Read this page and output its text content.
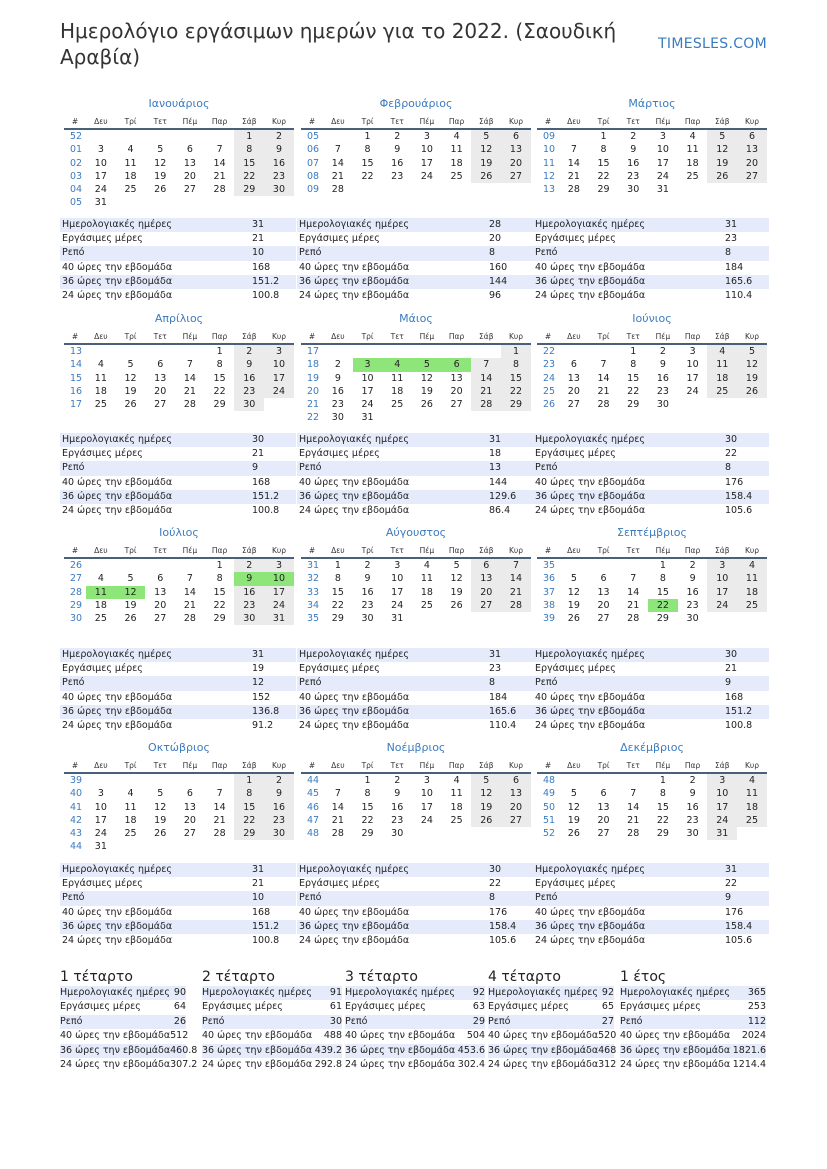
Ημερολόγιο εργάσιμων ημερών για το 2022. (Σαουδική Αραβία)
TIMESLES.COM
Ιανουάριος
#	Δευ	Τρί	Τετ	Πέμ	Παρ	Σάβ	Κυρ
52						1	2
01	3	4	5	6	7	8	9
02	10	11	12	13	14	15	16
03	17	18	19	20	21	22	23
04	24	25	26	27	28	29	30
05	31						
Ημερολογιακές ημέρες	31
Εργάσιμες μέρες	21
Ρεπό	10
40 ώρες την εβδομάδα	168
36 ώρες την εβδομάδα	151.2
24 ώρες την εβδομάδα	100.8
Φεβρουάριος
#	Δευ	Τρί	Τετ	Πέμ	Παρ	Σάβ	Κυρ
05		1	2	3	4	5	6
06	7	8	9	10	11	12	13
07	14	15	16	17	18	19	20
08	21	22	23	24	25	26	27
09	28						
Ημερολογιακές ημέρες	28
Εργάσιμες μέρες	20
Ρεπό	8
40 ώρες την εβδομάδα	160
36 ώρες την εβδομάδα	144
24 ώρες την εβδομάδα	96
Μάρτιος
#	Δευ	Τρί	Τετ	Πέμ	Παρ	Σάβ	Κυρ
09		1	2	3	4	5	6
10	7	8	9	10	11	12	13
11	14	15	16	17	18	19	20
12	21	22	23	24	25	26	27
13	28	29	30	31			
Ημερολογιακές ημέρες	31
Εργάσιμες μέρες	23
Ρεπό	8
40 ώρες την εβδομάδα	184
36 ώρες την εβδομάδα	165.6
24 ώρες την εβδομάδα	110.4
Απρίλιος
#	Δευ	Τρί	Τετ	Πέμ	Παρ	Σάβ	Κυρ
13					1	2	3
14	4	5	6	7	8	9	10
15	11	12	13	14	15	16	17
16	18	19	20	21	22	23	24
17	25	26	27	28	29	30	
Ημερολογιακές ημέρες	30
Εργάσιμες μέρες	21
Ρεπό	9
40 ώρες την εβδομάδα	168
36 ώρες την εβδομάδα	151.2
24 ώρες την εβδομάδα	100.8
Μάιος
#	Δευ	Τρί	Τετ	Πέμ	Παρ	Σάβ	Κυρ
17							1
18	2	3	4	5	6	7	8
19	9	10	11	12	13	14	15
20	16	17	18	19	20	21	22
21	23	24	25	26	27	28	29
22	30	31					
Ημερολογιακές ημέρες	31
Εργάσιμες μέρες	18
Ρεπό	13
40 ώρες την εβδομάδα	144
36 ώρες την εβδομάδα	129.6
24 ώρες την εβδομάδα	86.4
Ιούνιος
#	Δευ	Τρί	Τετ	Πέμ	Παρ	Σάβ	Κυρ
22			1	2	3	4	5
23	6	7	8	9	10	11	12
24	13	14	15	16	17	18	19
25	20	21	22	23	24	25	26
26	27	28	29	30			
Ημερολογιακές ημέρες	30
Εργάσιμες μέρες	22
Ρεπό	8
40 ώρες την εβδομάδα	176
36 ώρες την εβδομάδα	158.4
24 ώρες την εβδομάδα	105.6
Ιούλιος
#	Δευ	Τρί	Τετ	Πέμ	Παρ	Σάβ	Κυρ
26					1	2	3
27	4	5	6	7	8	9	10
28	11	12	13	14	15	16	17
29	18	19	20	21	22	23	24
30	25	26	27	28	29	30	31
Ημερολογιακές ημέρες	31
Εργάσιμες μέρες	19
Ρεπό	12
40 ώρες την εβδομάδα	152
36 ώρες την εβδομάδα	136.8
24 ώρες την εβδομάδα	91.2
Αύγουστος
#	Δευ	Τρί	Τετ	Πέμ	Παρ	Σάβ	Κυρ
31	1	2	3	4	5	6	7
32	8	9	10	11	12	13	14
33	15	16	17	18	19	20	21
34	22	23	24	25	26	27	28
35	29	30	31				
Ημερολογιακές ημέρες	31
Εργάσιμες μέρες	23
Ρεπό	8
40 ώρες την εβδομάδα	184
36 ώρες την εβδομάδα	165.6
24 ώρες την εβδομάδα	110.4
Σεπτέμβριος
#	Δευ	Τρί	Τετ	Πέμ	Παρ	Σάβ	Κυρ
35				1	2	3	4
36	5	6	7	8	9	10	11
37	12	13	14	15	16	17	18
38	19	20	21	22	23	24	25
39	26	27	28	29	30		
Ημερολογιακές ημέρες	30
Εργάσιμες μέρες	21
Ρεπό	9
40 ώρες την εβδομάδα	168
36 ώρες την εβδομάδα	151.2
24 ώρες την εβδομάδα	100.8
Οκτώβριος
#	Δευ	Τρί	Τετ	Πέμ	Παρ	Σάβ	Κυρ
39						1	2
40	3	4	5	6	7	8	9
41	10	11	12	13	14	15	16
42	17	18	19	20	21	22	23
43	24	25	26	27	28	29	30
44	31						
Ημερολογιακές ημέρες	31
Εργάσιμες μέρες	21
Ρεπό	10
40 ώρες την εβδομάδα	168
36 ώρες την εβδομάδα	151.2
24 ώρες την εβδομάδα	100.8
Νοέμβριος
#	Δευ	Τρί	Τετ	Πέμ	Παρ	Σάβ	Κυρ
44		1	2	3	4	5	6
45	7	8	9	10	11	12	13
46	14	15	16	17	18	19	20
47	21	22	23	24	25	26	27
48	28	29	30				
Ημερολογιακές ημέρες	30
Εργάσιμες μέρες	22
Ρεπό	8
40 ώρες την εβδομάδα	176
36 ώρες την εβδομάδα	158.4
24 ώρες την εβδομάδα	105.6
Δεκέμβριος
#	Δευ	Τρί	Τετ	Πέμ	Παρ	Σάβ	Κυρ
48				1	2	3	4
49	5	6	7	8	9	10	11
50	12	13	14	15	16	17	18
51	19	20	21	22	23	24	25
52	26	27	28	29	30	31	
Ημερολογιακές ημέρες	31
Εργάσιμες μέρες	22
Ρεπό	9
40 ώρες την εβδομάδα	176
36 ώρες την εβδομάδα	158.4
24 ώρες την εβδομάδα	105.6
1 τέταρτο
Ημερολογιακές ημέρες 90
Εργάσιμες μέρες	64
Ρεπό	26
40 ώρες την εβδομάδα 512
36 ώρες την εβδομάδα 460.8
24 ώρες την εβδομάδα 307.2
2 τέταρτο
Ημερολογιακές ημέρες 91
Εργάσιμες μέρες	61
Ρεπό	30
40 ώρες την εβδομάδα 488
36 ώρες την εβδομάδα 439.2
24 ώρες την εβδομάδα 292.8
3 τέταρτο
Ημερολογιακές ημέρες 92
Εργάσιμες μέρες	63
Ρεπό	29
40 ώρες την εβδομάδα 504
36 ώρες την εβδομάδα 453.6
24 ώρες την εβδομάδα 302.4
4 τέταρτο
Ημερολογιακές ημέρες 92
Εργάσιμες μέρες	65
Ρεπό	27
40 ώρες την εβδομάδα 520
36 ώρες την εβδομάδα 468
24 ώρες την εβδομάδα 312
1 έτος
Ημερολογιακές ημέρες 365
Εργάσιμες μέρες	253
Ρεπό	112
40 ώρες την εβδομάδα 2024
36 ώρες την εβδομάδα 1821.6
24 ώρες την εβδομάδα 1214.4
